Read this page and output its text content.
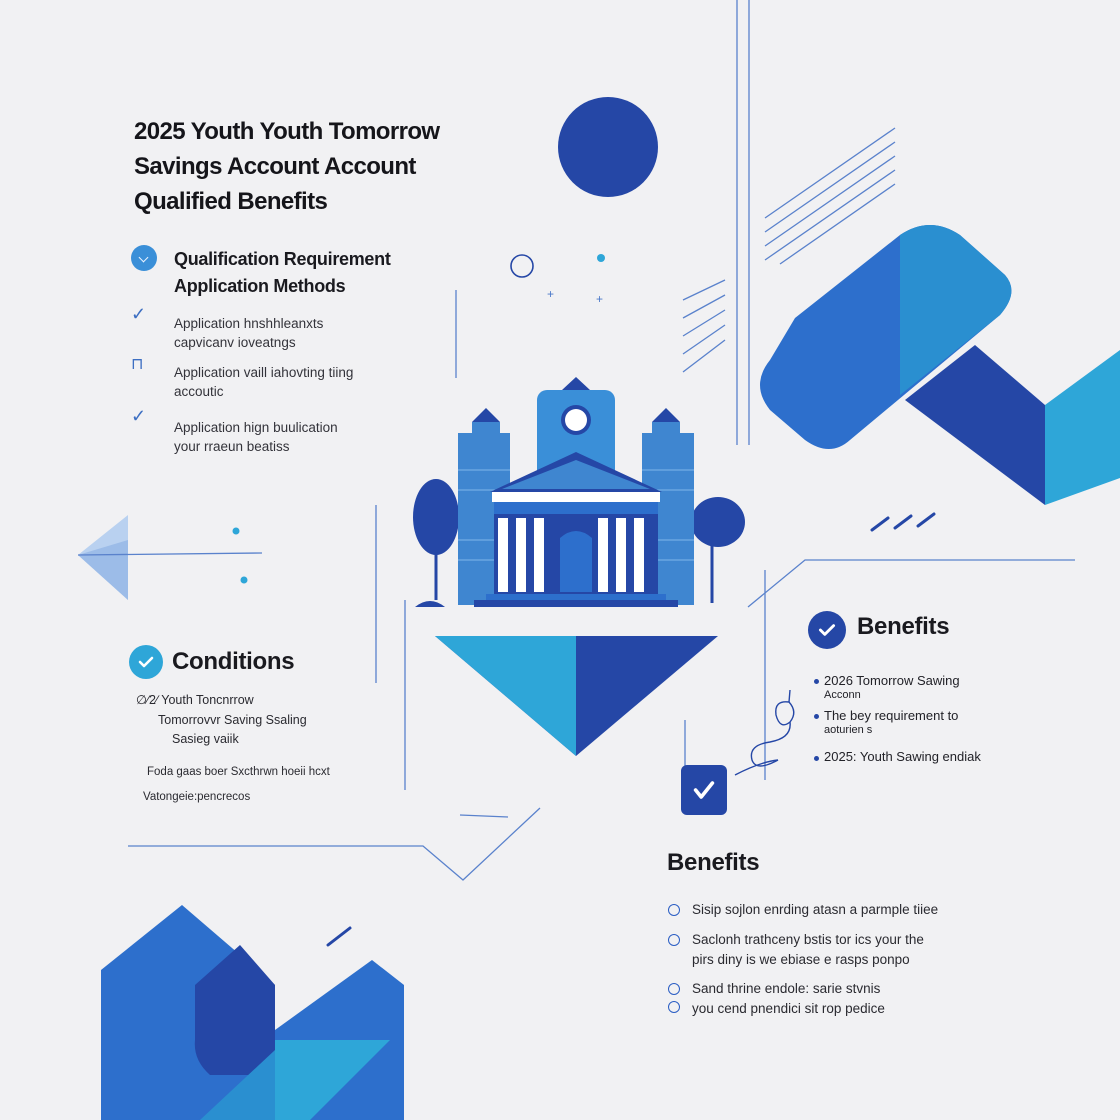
+	+
2025 Youth Youth Tomorrow
Savings Account Account
Qualified Benefits
Qualification Requirement
Application Methods
✓ Application hnshhleanxts
capvicanv ioveatngs
⊓ Application vaill iahovting tiing
accoutic
✓
Application hign buulication
your rraeun beatiss
Conditions
∅∕2∕ Youth Toncnrrow
Tomorrovvr Saving Ssaling
Sasieg vaiik
Foda gaas boer Sxcthrwn hoeii hcxt
Vatongeie:pencrecos
Benefits
2026 Tomorrow Sawing
Acconn
The bey requirement to
aoturien s
2025: Youth Sawing endiak
Benefits
Sisip sojlon enrding atasn a parmple tiiee
Saclonh trathceny bstis tor ics your the
pirs diny is we ebiase e rasps ponpo
Sand thrine endole: sarie stvnis
you cend pnendici sit rop pedice
